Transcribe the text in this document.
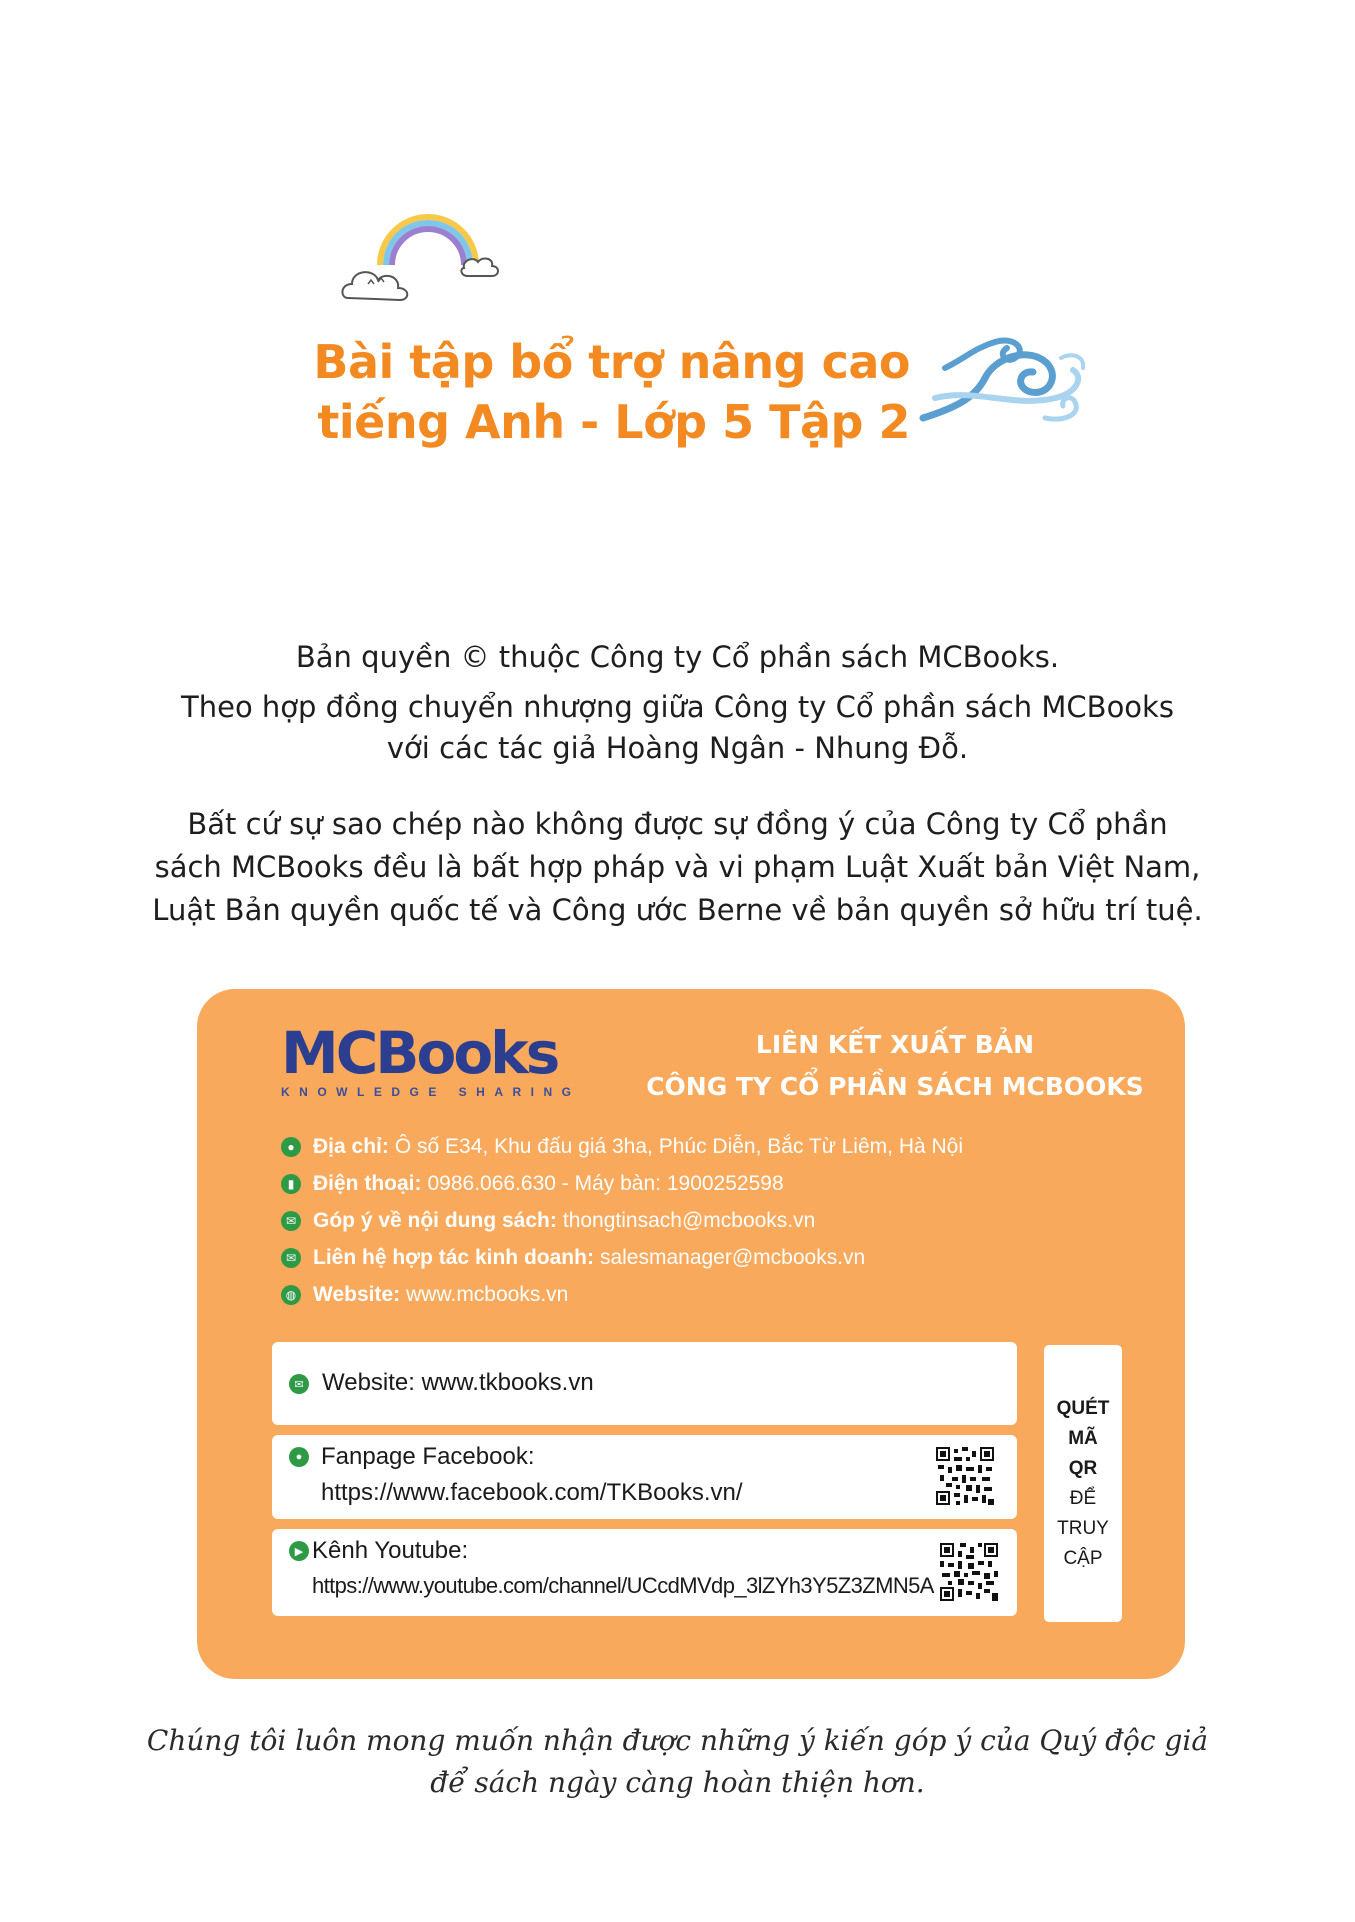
Bài tập bổ trợ nâng cao
tiếng Anh - Lớp 5 Tập 2
Bản quyền © thuộc Công ty Cổ phần sách MCBooks.
Theo hợp đồng chuyển nhượng giữa Công ty Cổ phần sách MCBooks
với các tác giả Hoàng Ngân - Nhung Đỗ.
Bất cứ sự sao chép nào không được sự đồng ý của Công ty Cổ phần
sách MCBooks đều là bất hợp pháp và vi phạm Luật Xuất bản Việt Nam,
Luật Bản quyền quốc tế và Công ước Berne về bản quyền sở hữu trí tuệ.
MCBooks
KNOWLEDGE SHARING
LIÊN KẾT XUẤT BẢN
CÔNG TY CỔ PHẦN SÁCH MCBOOKS
● Địa chỉ: Ô số E34, Khu đấu giá 3ha, Phúc Diễn, Bắc Từ Liêm, Hà Nội
▮ Điện thoại: 0986.066.630 - Máy bàn: 1900252598
✉ Góp ý về nội dung sách: thongtinsach@mcbooks.vn
✉ Liên hệ hợp tác kinh doanh: salesmanager@mcbooks.vn
◍ Website: www.mcbooks.vn
✉ Website: www.tkbooks.vn
● Fanpage Facebook:
https://www.facebook.com/TKBooks.vn/
▶ Kênh Youtube:
https://www.youtube.com/channel/UCcdMVdp_3lZYh3Y5Z3ZMN5A
QUÉT
MÃ
QR
ĐỂ
TRUY
CẬP
Chúng tôi luôn mong muốn nhận được những ý kiến góp ý của Quý độc giả
để sách ngày càng hoàn thiện hơn.
